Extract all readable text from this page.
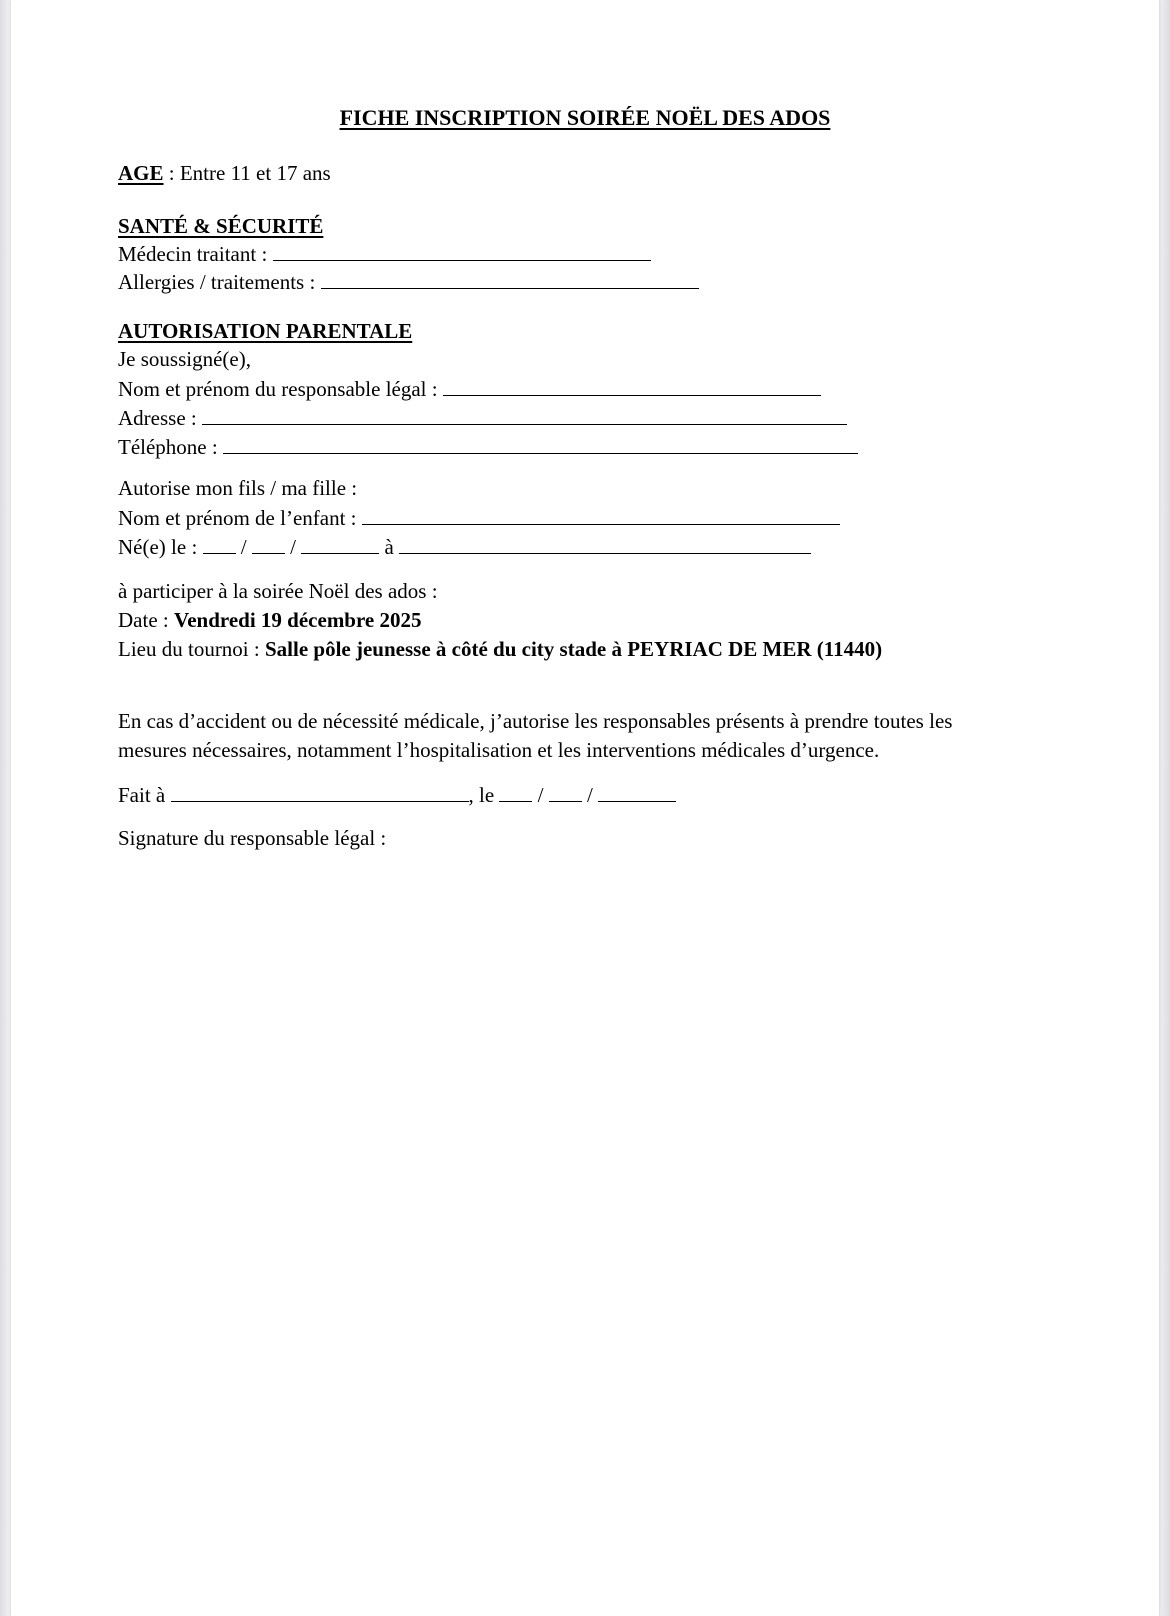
FICHE INSCRIPTION SOIRÉE NOËL DES ADOS
AGE : Entre 11 et 17 ans
SANTÉ & SÉCURITÉ
Médecin traitant :
Allergies / traitements :
AUTORISATION PARENTALE
Je soussigné(e),
Nom et prénom du responsable légal :
Adresse :
Téléphone :
Autorise mon fils / ma fille :
Nom et prénom de l’enfant :
Né(e) le : / /	à
à participer à la soirée Noël des ados :
Date : Vendredi 19 décembre 2025
Lieu du tournoi : Salle pôle jeunesse à côté du city stade à PEYRIAC DE MER (11440)
En cas d’accident ou de nécessité médicale, j’autorise les responsables présents à prendre toutes les
mesures nécessaires, notamment l’hospitalisation et les interventions médicales d’urgence.
Fait à	, le / /
Signature du responsable légal :
